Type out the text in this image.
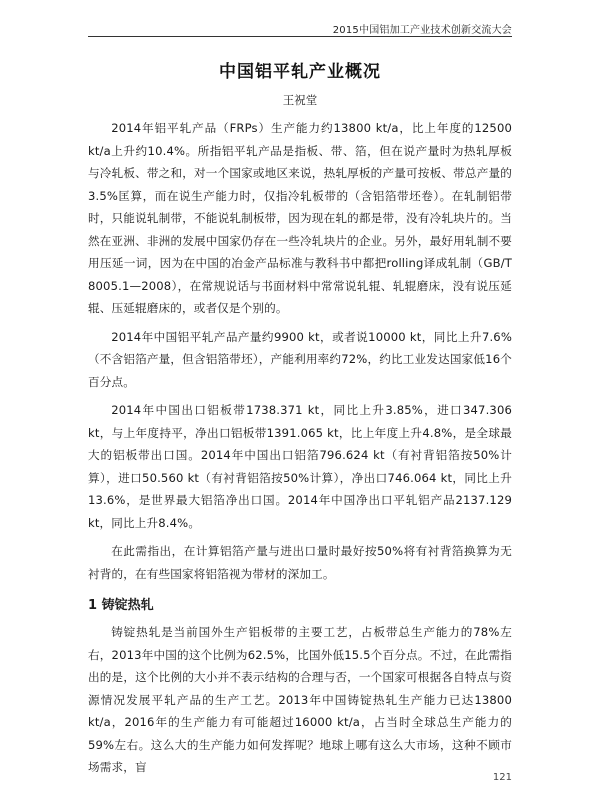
2015中国铝加工产业技术创新交流大会
中国铝平轧产业概况
王祝堂

2014年铝平轧产品（FRPs）生产能力约13800 kt/a，比上年度的12500 kt/a上升约10.4%。所指铝平轧产品是指板、带、箔，但在说产量时为热轧厚板与冷轧板、带之和，对一个国家或地区来说，热轧厚板的产量可按板、带总产量的3.5%匡算，而在说生产能力时，仅指冷轧板带的（含铝箔带坯卷）。在轧制铝带时，只能说轧制带，不能说轧制板带，因为现在轧的都是带，没有冷轧块片的。当然在亚洲、非洲的发展中国家仍存在一些冷轧块片的企业。另外，最好用轧制不要用压延一词，因为在中国的冶金产品标准与教科书中都把rolling译成轧制（GB/T 8005.1—2008），在常规说话与书面材料中常常说轧辊、轧辊磨床，没有说压延辊、压延辊磨床的，或者仅是个别的。

2014年中国铝平轧产品产量约9900 kt，或者说10000 kt，同比上升7.6%（不含铝箔产量，但含铝箔带坯），产能利用率约72%，约比工业发达国家低16个百分点。

2014年中国出口铝板带1738.371 kt，同比上升3.85%，进口347.306 kt，与上年度持平，净出口铝板带1391.065 kt，比上年度上升4.8%，是全球最大的铝板带出口国。2014年中国出口铝箔796.624 kt（有衬背铝箔按50%计算），进口50.560 kt（有衬背铝箔按50%计算），净出口746.064 kt，同比上升13.6%，是世界最大铝箔净出口国。2014年中国净出口平轧铝产品2137.129 kt，同比上升8.4%。

在此需指出，在计算铝箔产量与进出口量时最好按50%将有衬背箔换算为无衬背的，在有些国家将铝箔视为带材的深加工。

1 铸锭热轧

铸锭热轧是当前国外生产铝板带的主要工艺，占板带总生产能力的78%左右，2013年中国的这个比例为62.5%，比国外低15.5个百分点。不过，在此需指出的是，这个比例的大小并不表示结构的合理与否，一个国家可根据各自特点与资源情况发展平轧产品的生产工艺。2013年中国铸锭热轧生产能力已达13800 kt/a，2016年的生产能力有可能超过16000 kt/a，占当时全球总生产能力的59%左右。这么大的生产能力如何发挥呢？地球上哪有这么大市场，这种不顾市场需求，盲

121
